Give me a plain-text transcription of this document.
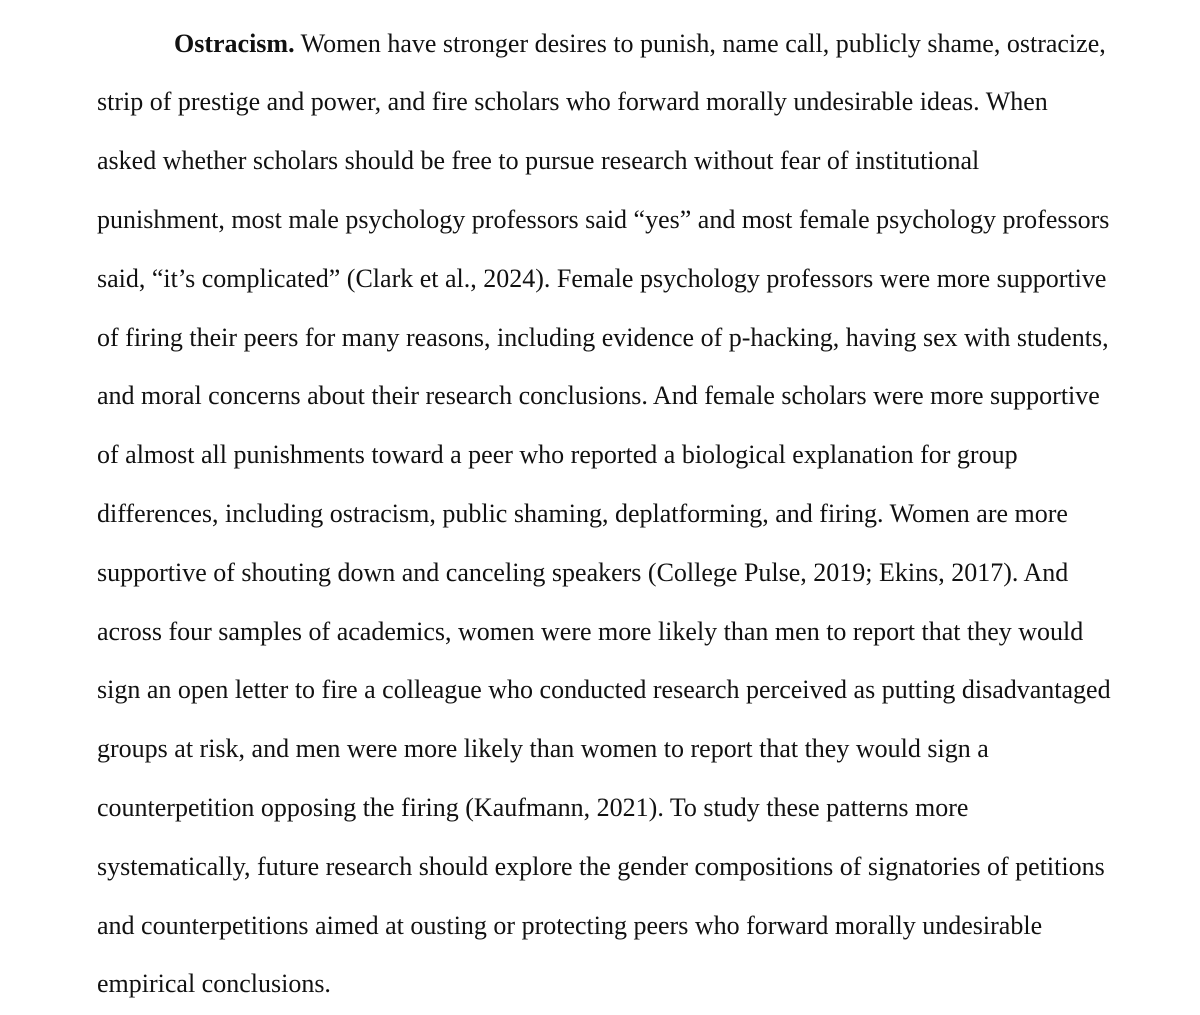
Ostracism. Women have stronger desires to punish, name call, publicly shame, ostracize,
strip of prestige and power, and fire scholars who forward morally undesirable ideas. When
asked whether scholars should be free to pursue research without fear of institutional
punishment, most male psychology professors said “yes” and most female psychology professors
said, “it’s complicated” (Clark et al., 2024). Female psychology professors were more supportive
of firing their peers for many reasons, including evidence of p-hacking, having sex with students,
and moral concerns about their research conclusions. And female scholars were more supportive
of almost all punishments toward a peer who reported a biological explanation for group
differences, including ostracism, public shaming, deplatforming, and firing. Women are more
supportive of shouting down and canceling speakers (College Pulse, 2019; Ekins, 2017). And
across four samples of academics, women were more likely than men to report that they would
sign an open letter to fire a colleague who conducted research perceived as putting disadvantaged
groups at risk, and men were more likely than women to report that they would sign a
counterpetition opposing the firing (Kaufmann, 2021). To study these patterns more
systematically, future research should explore the gender compositions of signatories of petitions
and counterpetitions aimed at ousting or protecting peers who forward morally undesirable
empirical conclusions.
